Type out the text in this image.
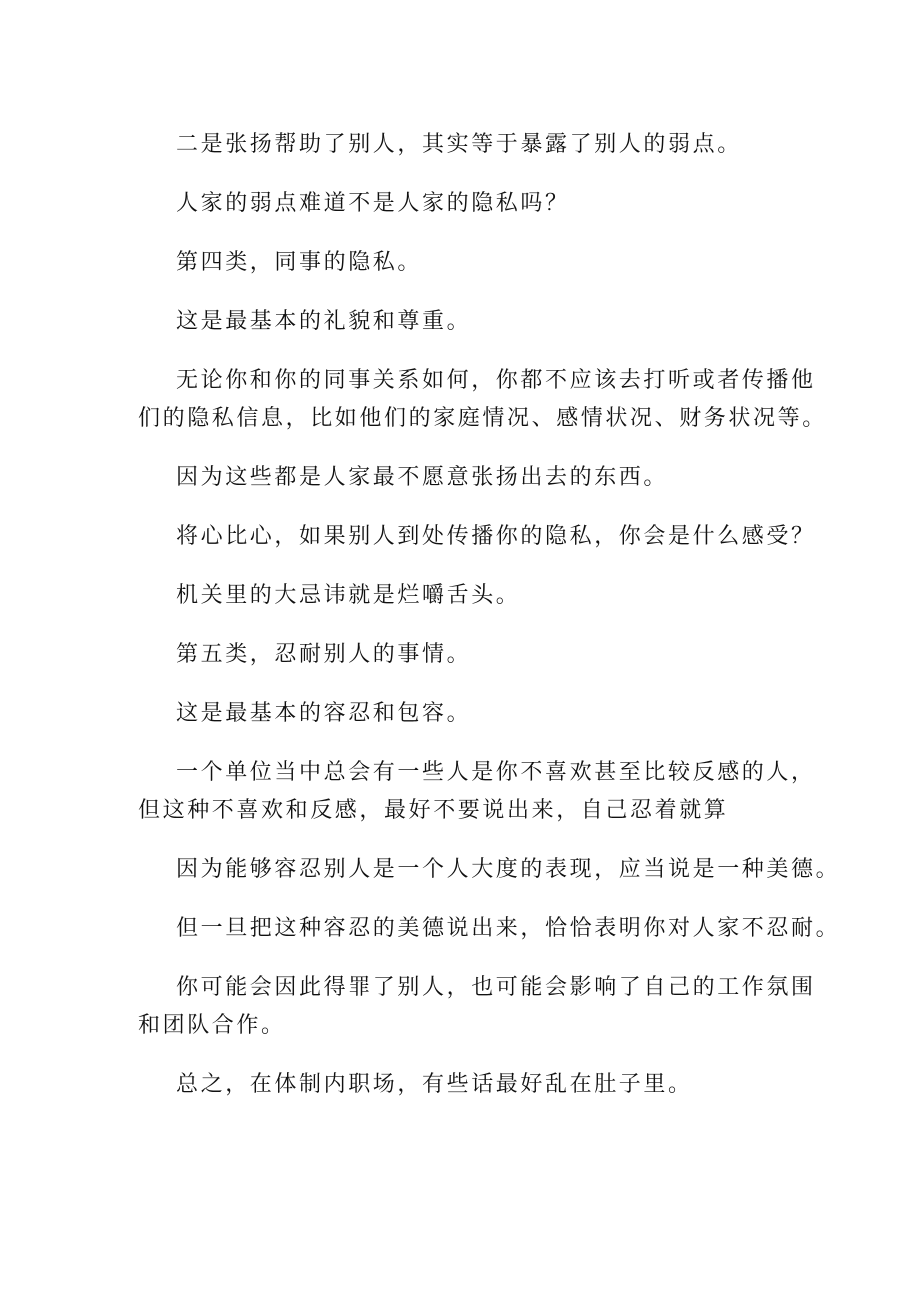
二是张扬帮助了别人，其实等于暴露了别人的弱点。

人家的弱点难道不是人家的隐私吗？

第四类，同事的隐私。

这是最基本的礼貌和尊重。

无论你和你的同事关系如何，你都不应该去打听或者传播他
们的隐私信息，比如他们的家庭情况、感情状况、财务状况等。

因为这些都是人家最不愿意张扬出去的东西。

将心比心，如果别人到处传播你的隐私，你会是什么感受？

机关里的大忌讳就是烂嚼舌头。

第五类，忍耐别人的事情。

这是最基本的容忍和包容。

一个单位当中总会有一些人是你不喜欢甚至比较反感的人，
但这种不喜欢和反感，最好不要说出来，自己忍着就算

因为能够容忍别人是一个人大度的表现，应当说是一种美德。

但一旦把这种容忍的美德说出来，恰恰表明你对人家不忍耐。

你可能会因此得罪了别人，也可能会影响了自己的工作氛围
和团队合作。

总之，在体制内职场，有些话最好乱在肚子里。
